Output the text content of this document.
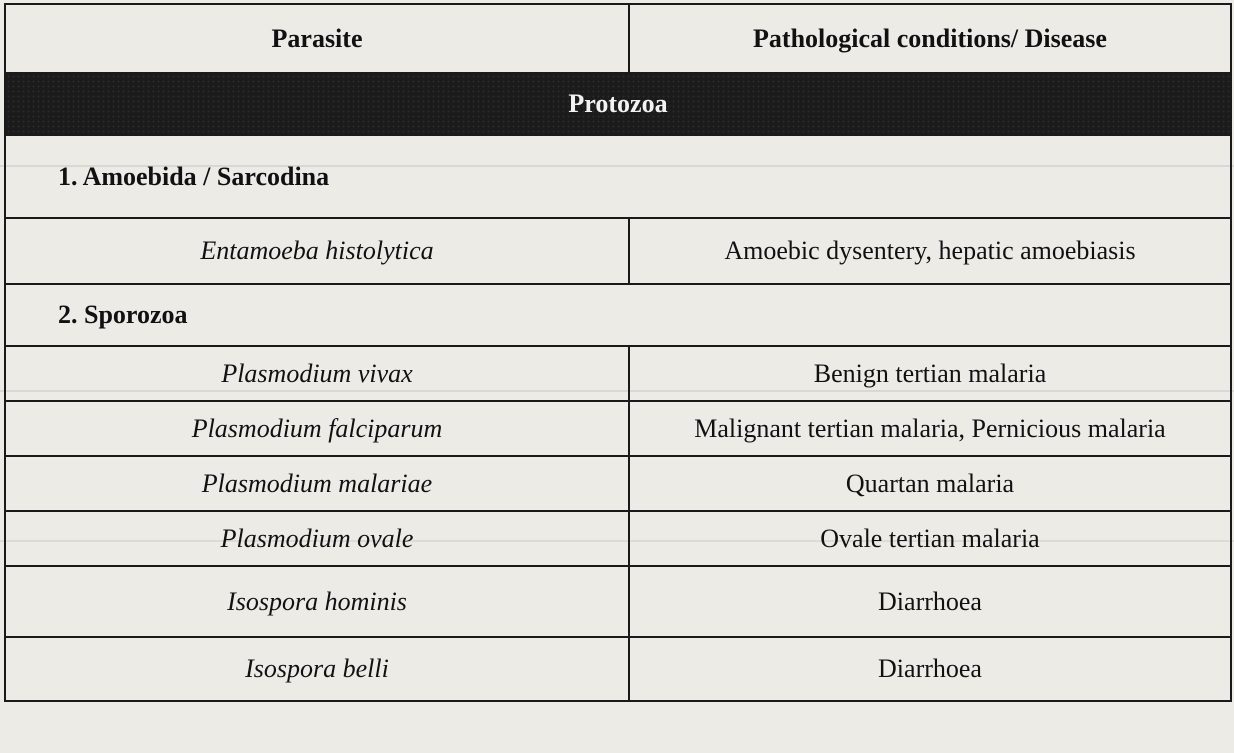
Parasite	Pathological conditions/ Disease
Protozoa	
1. Amoebida / Sarcodina	
Entamoeba histolytica	Amoebic dysentery, hepatic amoebiasis
2. Sporozoa	
Plasmodium vivax	Benign tertian malaria
Plasmodium falciparum	Malignant tertian malaria, Pernicious malaria
Plasmodium malariae	Quartan malaria
Plasmodium ovale	Ovale tertian malaria
Isospora hominis	Diarrhoea
Isospora belli	Diarrhoea
